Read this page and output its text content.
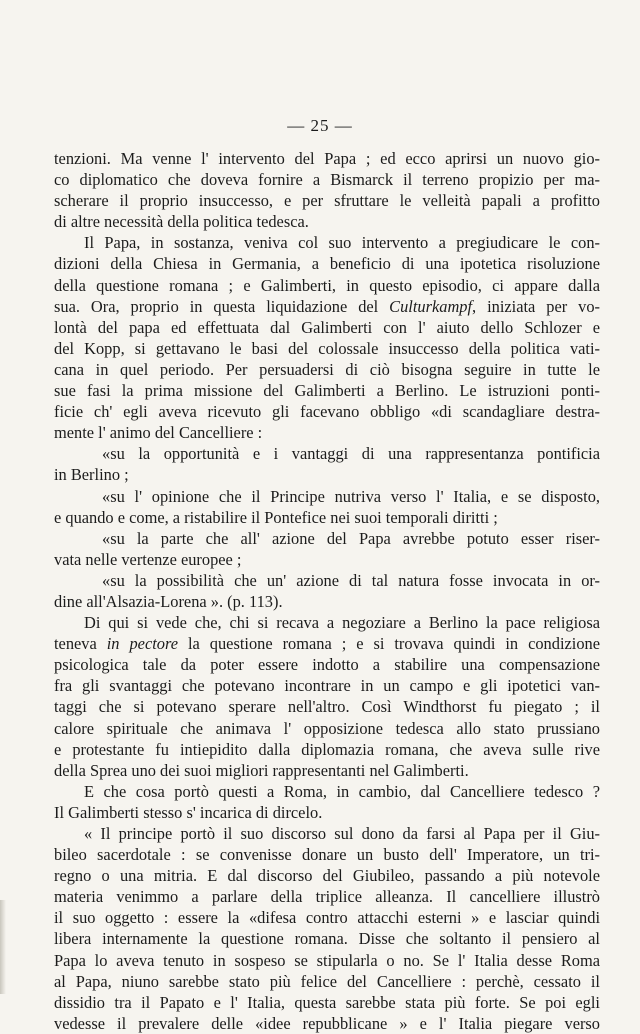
— 25 —
tenzioni. Ma venne l' intervento del Papa ; ed ecco aprirsi un nuovo gio-
co diplomatico che doveva fornire a Bismarck il terreno propizio per ma-
scherare il proprio insuccesso, e per sfruttare le velleità papali a profitto
di altre necessità della politica tedesca.
Il Papa, in sostanza, veniva col suo intervento a pregiudicare le con-
dizioni della Chiesa in Germania, a beneficio di una ipotetica risoluzione
della questione romana ; e Galimberti, in questo episodio, ci appare dalla
sua. Ora, proprio in questa liquidazione del Culturkampf, iniziata per vo-
lontà del papa ed effettuata dal Galimberti con l' aiuto dello Schlozer e
del Kopp, si gettavano le basi del colossale insuccesso della politica vati-
cana in quel periodo. Per persuadersi di ciò bisogna seguire in tutte le
sue fasi la prima missione del Galimberti a Berlino. Le istruzioni ponti-
ficie ch' egli aveva ricevuto gli facevano obbligo «di scandagliare destra-
mente l' animo del Cancelliere :
«su la opportunità e i vantaggi di una rappresentanza pontificia
in Berlino ;
«su l' opinione che il Principe nutriva verso l' Italia, e se disposto,
e quando e come, a ristabilire il Pontefice nei suoi temporali diritti ;
«su la parte che all' azione del Papa avrebbe potuto esser riser-
vata nelle vertenze europee ;
«su la possibilità che un' azione di tal natura fosse invocata in or-
dine all'Alsazia-Lorena ». (p. 113).
Di qui si vede che, chi si recava a negoziare a Berlino la pace religiosa
teneva in pectore la questione romana ; e si trovava quindi in condizione
psicologica tale da poter essere indotto a stabilire una compensazione
fra gli svantaggi che potevano incontrare in un campo e gli ipotetici van-
taggi che si potevano sperare nell'altro. Così Windthorst fu piegato ; il
calore spirituale che animava l' opposizione tedesca allo stato prussiano
e protestante fu intiepidito dalla diplomazia romana, che aveva sulle rive
della Sprea uno dei suoi migliori rappresentanti nel Galimberti.
E che cosa portò questi a Roma, in cambio, dal Cancelliere tedesco ?
Il Galimberti stesso s' incarica di dircelo.
« Il principe portò il suo discorso sul dono da farsi al Papa per il Giu-
bileo sacerdotale : se convenisse donare un busto dell' Imperatore, un tri-
regno o una mitria. E dal discorso del Giubileo, passando a più notevole
materia venimmo a parlare della triplice alleanza. Il cancelliere illustrò
il suo oggetto : essere la «difesa contro attacchi esterni » e lasciar quindi
libera internamente la questione romana. Disse che soltanto il pensiero al
Papa lo aveva tenuto in sospeso se stipularla o no. Se l' Italia desse Roma
al Papa, niuno sarebbe stato più felice del Cancelliere : perchè, cessato il
dissidio tra il Papato e l' Italia, questa sarebbe stata più forte. Se poi egli
vedesse il prevalere delle «idee repubblicane » e l' Italia piegare verso
